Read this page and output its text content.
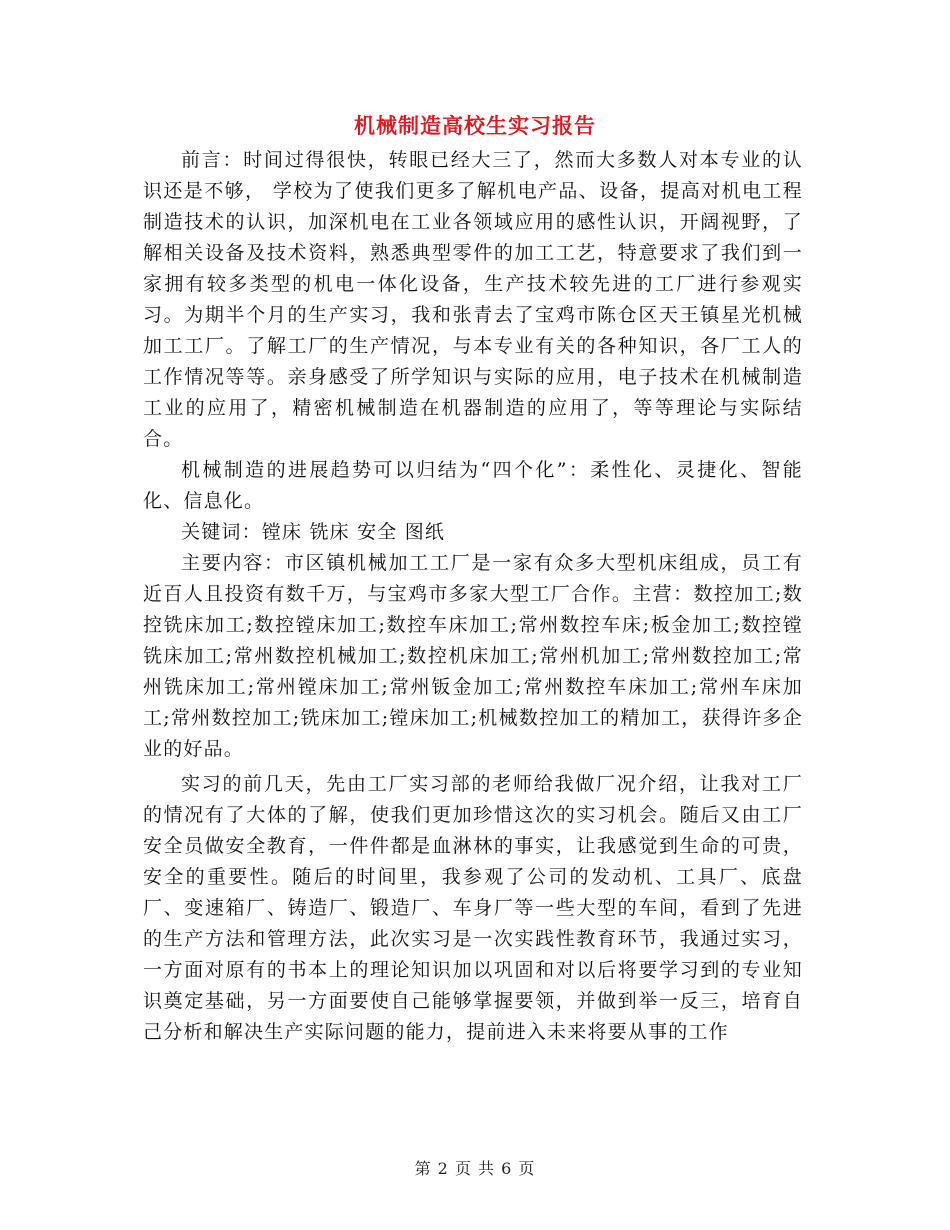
机械制造高校生实习报告

前言：时间过得很快，转眼已经大三了，然而大多数人对本专业的认识还是不够， 学校为了使我们更多了解机电产品、设备，提高对机电工程制造技术的认识，加深机电在工业各领域应用的感性认识，开阔视野，了解相关设备及技术资料，熟悉典型零件的加工工艺，特意要求了我们到一家拥有较多类型的机电一体化设备，生产技术较先进的工厂进行参观实习。为期半个月的生产实习，我和张青去了宝鸡市陈仓区天王镇星光机械加工工厂。了解工厂的生产情况，与本专业有关的各种知识，各厂工人的工作情况等等。亲身感受了所学知识与实际的应用，电子技术在机械制造工业的应用了，精密机械制造在机器制造的应用了，等等理论与实际结合。

机械制造的进展趋势可以归结为“四个化”：柔性化、灵捷化、智能化、信息化。

关键词：镗床 铣床 安全 图纸

主要内容：市区镇机械加工工厂是一家有众多大型机床组成，员工有近百人且投资有数千万，与宝鸡市多家大型工厂合作。主营：数控加工;数控铣床加工;数控镗床加工;数控车床加工;常州数控车床;板金加工;数控镗铣床加工;常州数控机械加工;数控机床加工;常州机加工;常州数控加工;常州铣床加工;常州镗床加工;常州钣金加工;常州数控车床加工;常州车床加工;常州数控加工;铣床加工;镗床加工;机械数控加工的精加工，获得许多企业的好品。

实习的前几天，先由工厂实习部的老师给我做厂况介绍，让我对工厂的情况有了大体的了解，使我们更加珍惜这次的实习机会。随后又由工厂安全员做安全教育，一件件都是血淋林的事实，让我感觉到生命的可贵，安全的重要性。随后的时间里，我参观了公司的发动机、工具厂、底盘厂、变速箱厂、铸造厂、锻造厂、车身厂等一些大型的车间，看到了先进的生产方法和管理方法，此次实习是一次实践性教育环节，我通过实习，一方面对原有的书本上的理论知识加以巩固和对以后将要学习到的专业知识奠定基础，另一方面要使自己能够掌握要领，并做到举一反三，培育自己分析和解决生产实际问题的能力，提前进入未来将要从事的工作

第 2 页 共 6 页
